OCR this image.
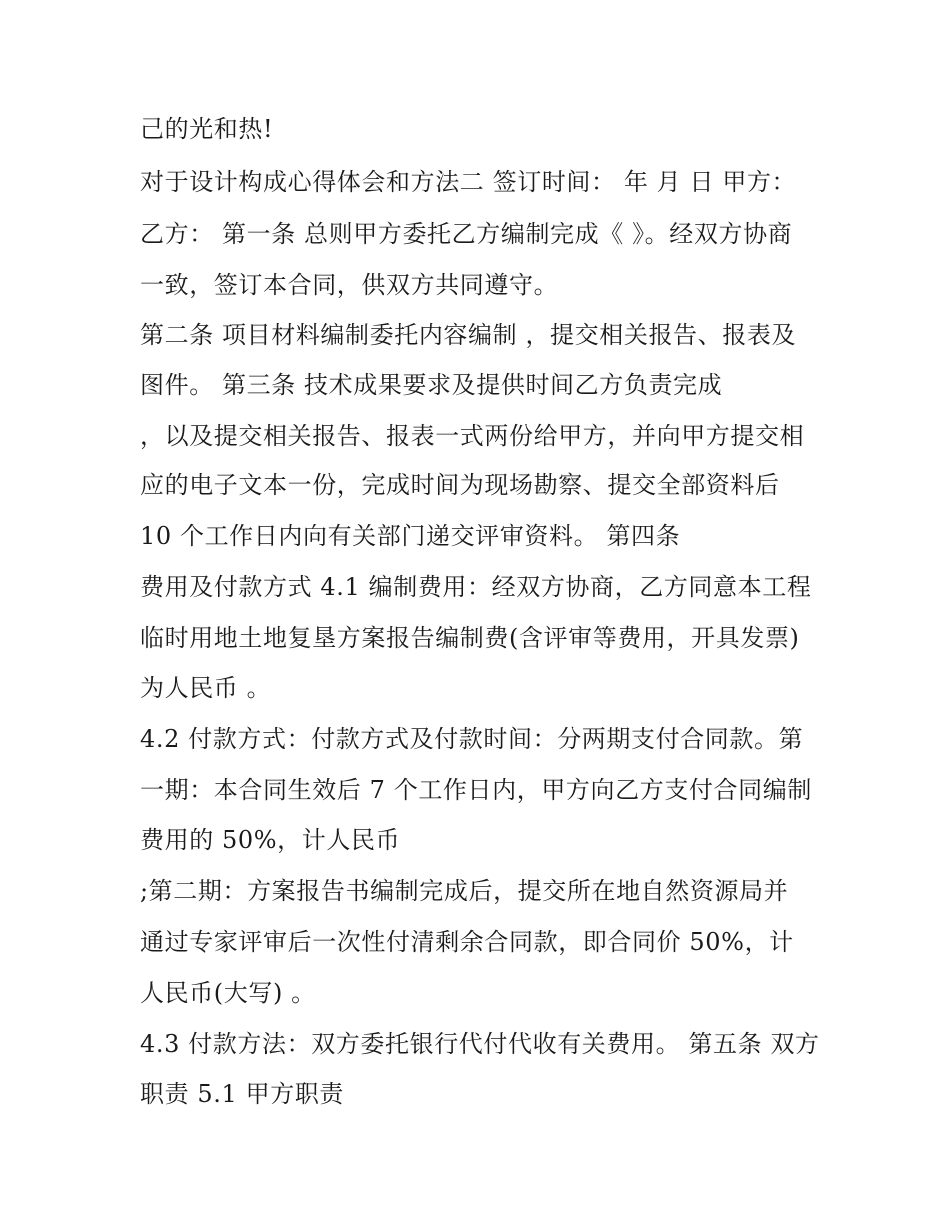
己的光和热!
对于设计构成心得体会和方法二 签订时间： 年 月 日 甲方：
乙方： 第一条 总则甲方委托乙方编制完成《 》。经双方协商
一致，签订本合同，供双方共同遵守。
第二条 项目材料编制委托内容编制 ，提交相关报告、报表及
图件。 第三条 技术成果要求及提供时间乙方负责完成
，以及提交相关报告、报表一式两份给甲方，并向甲方提交相
应的电子文本一份，完成时间为现场勘察、提交全部资料后
10 个工作日内向有关部门递交评审资料。 第四条
费用及付款方式 4.1 编制费用：经双方协商，乙方同意本工程
临时用地土地复垦方案报告编制费(含评审等费用，开具发票)
为人民币 。
4.2 付款方式：付款方式及付款时间：分两期支付合同款。第
一期：本合同生效后 7 个工作日内，甲方向乙方支付合同编制
费用的 50%，计人民币
;第二期：方案报告书编制完成后，提交所在地自然资源局并
通过专家评审后一次性付清剩余合同款，即合同价 50%，计
人民币(大写) 。
4.3 付款方法：双方委托银行代付代收有关费用。 第五条 双方
职责 5.1 甲方职责
